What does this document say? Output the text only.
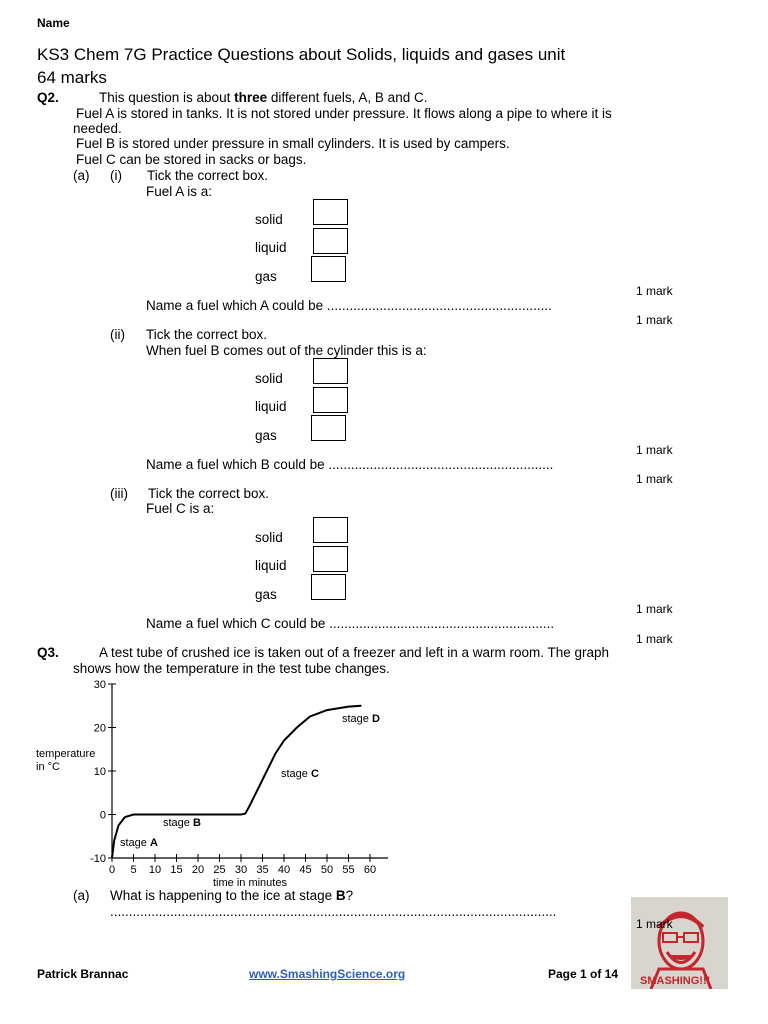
Name
KS3 Chem 7G Practice Questions about Solids, liquids and gases unit
64 marks
Q2.	This question is about three different fuels, A, B and C.
Fuel A is stored in tanks. It is not stored under pressure. It flows along a pipe to where it is
needed.
Fuel B is stored under pressure in small cylinders. It is used by campers.
Fuel C can be stored in sacks or bags.
(a) (i) Tick the correct box.
Fuel A is a:
solid
liquid
gas
1 mark
Name a fuel which A could be ............................................................
1 mark
(ii) Tick the correct box.
When fuel B comes out of the cylinder this is a:
solid
liquid
gas
1 mark
Name a fuel which B could be ............................................................
1 mark
(iii) Tick the correct box.
Fuel C is a:
solid
liquid
gas
1 mark
Name a fuel which C could be ............................................................
1 mark
Q3.	A test tube of crushed ice is taken out of a freezer and left in a warm room. The graph
shows how the temperature in the test tube changes.
-10
0
10
20
30
0 5 10 15 20 25 30 35 40 45 50 55 60
temperature
in °C
time in minutes
stage A
stage B
stage C
stage D
(a) What is happening to the ice at stage B?
.......................................................................................................................
SMASHING!!!
1 mark
Patrick Brannac	www.SmashingScience.org	Page 1 of 14
